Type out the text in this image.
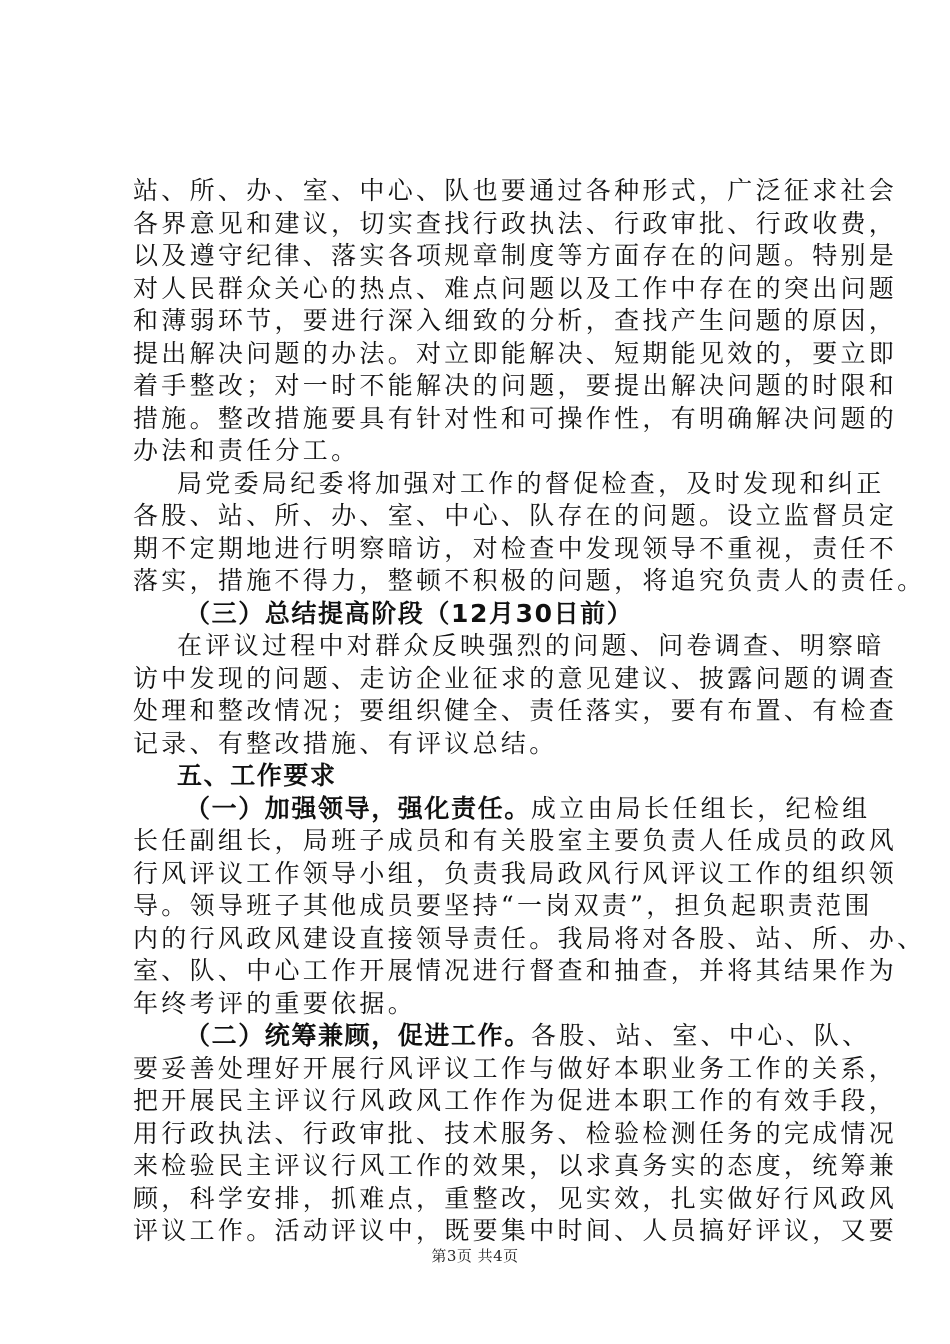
站、所、办、室、中心、队也要通过各种形式，广泛征求社会
各界意见和建议，切实查找行政执法、行政审批、行政收费，
以及遵守纪律、落实各项规章制度等方面存在的问题。特别是
对人民群众关心的热点、难点问题以及工作中存在的突出问题
和薄弱环节，要进行深入细致的分析，查找产生问题的原因，
提出解决问题的办法。对立即能解决、短期能见效的，要立即
着手整改；对一时不能解决的问题，要提出解决问题的时限和
措施。整改措施要具有针对性和可操作性，有明确解决问题的
办法和责任分工。
局党委局纪委将加强对工作的督促检查，及时发现和纠正
各股、站、所、办、室、中心、队存在的问题。设立监督员定
期不定期地进行明察暗访，对检查中发现领导不重视，责任不
落实，措施不得力，整顿不积极的问题，将追究负责人的责任。
（三）总结提高阶段（12月30日前）
在评议过程中对群众反映强烈的问题、问卷调查、明察暗
访中发现的问题、走访企业征求的意见建议、披露问题的调查
处理和整改情况；要组织健全、责任落实，要有布置、有检查
记录、有整改措施、有评议总结。
五、工作要求
（一）加强领导，强化责任。成立由局长任组长，纪检组
长任副组长，局班子成员和有关股室主要负责人任成员的政风
行风评议工作领导小组，负责我局政风行风评议工作的组织领
导。领导班子其他成员要坚持“一岗双责”，担负起职责范围
内的行风政风建设直接领导责任。我局将对各股、站、所、办、
室、队、中心工作开展情况进行督查和抽查，并将其结果作为
年终考评的重要依据。
（二）统筹兼顾，促进工作。各股、站、室、中心、队、
要妥善处理好开展行风评议工作与做好本职业务工作的关系，
把开展民主评议行风政风工作作为促进本职工作的有效手段，
用行政执法、行政审批、技术服务、检验检测任务的完成情况
来检验民主评议行风工作的效果，以求真务实的态度，统筹兼
顾，科学安排，抓难点，重整改，见实效，扎实做好行风政风
评议工作。活动评议中，既要集中时间、人员搞好评议，又要
第3页 共4页
